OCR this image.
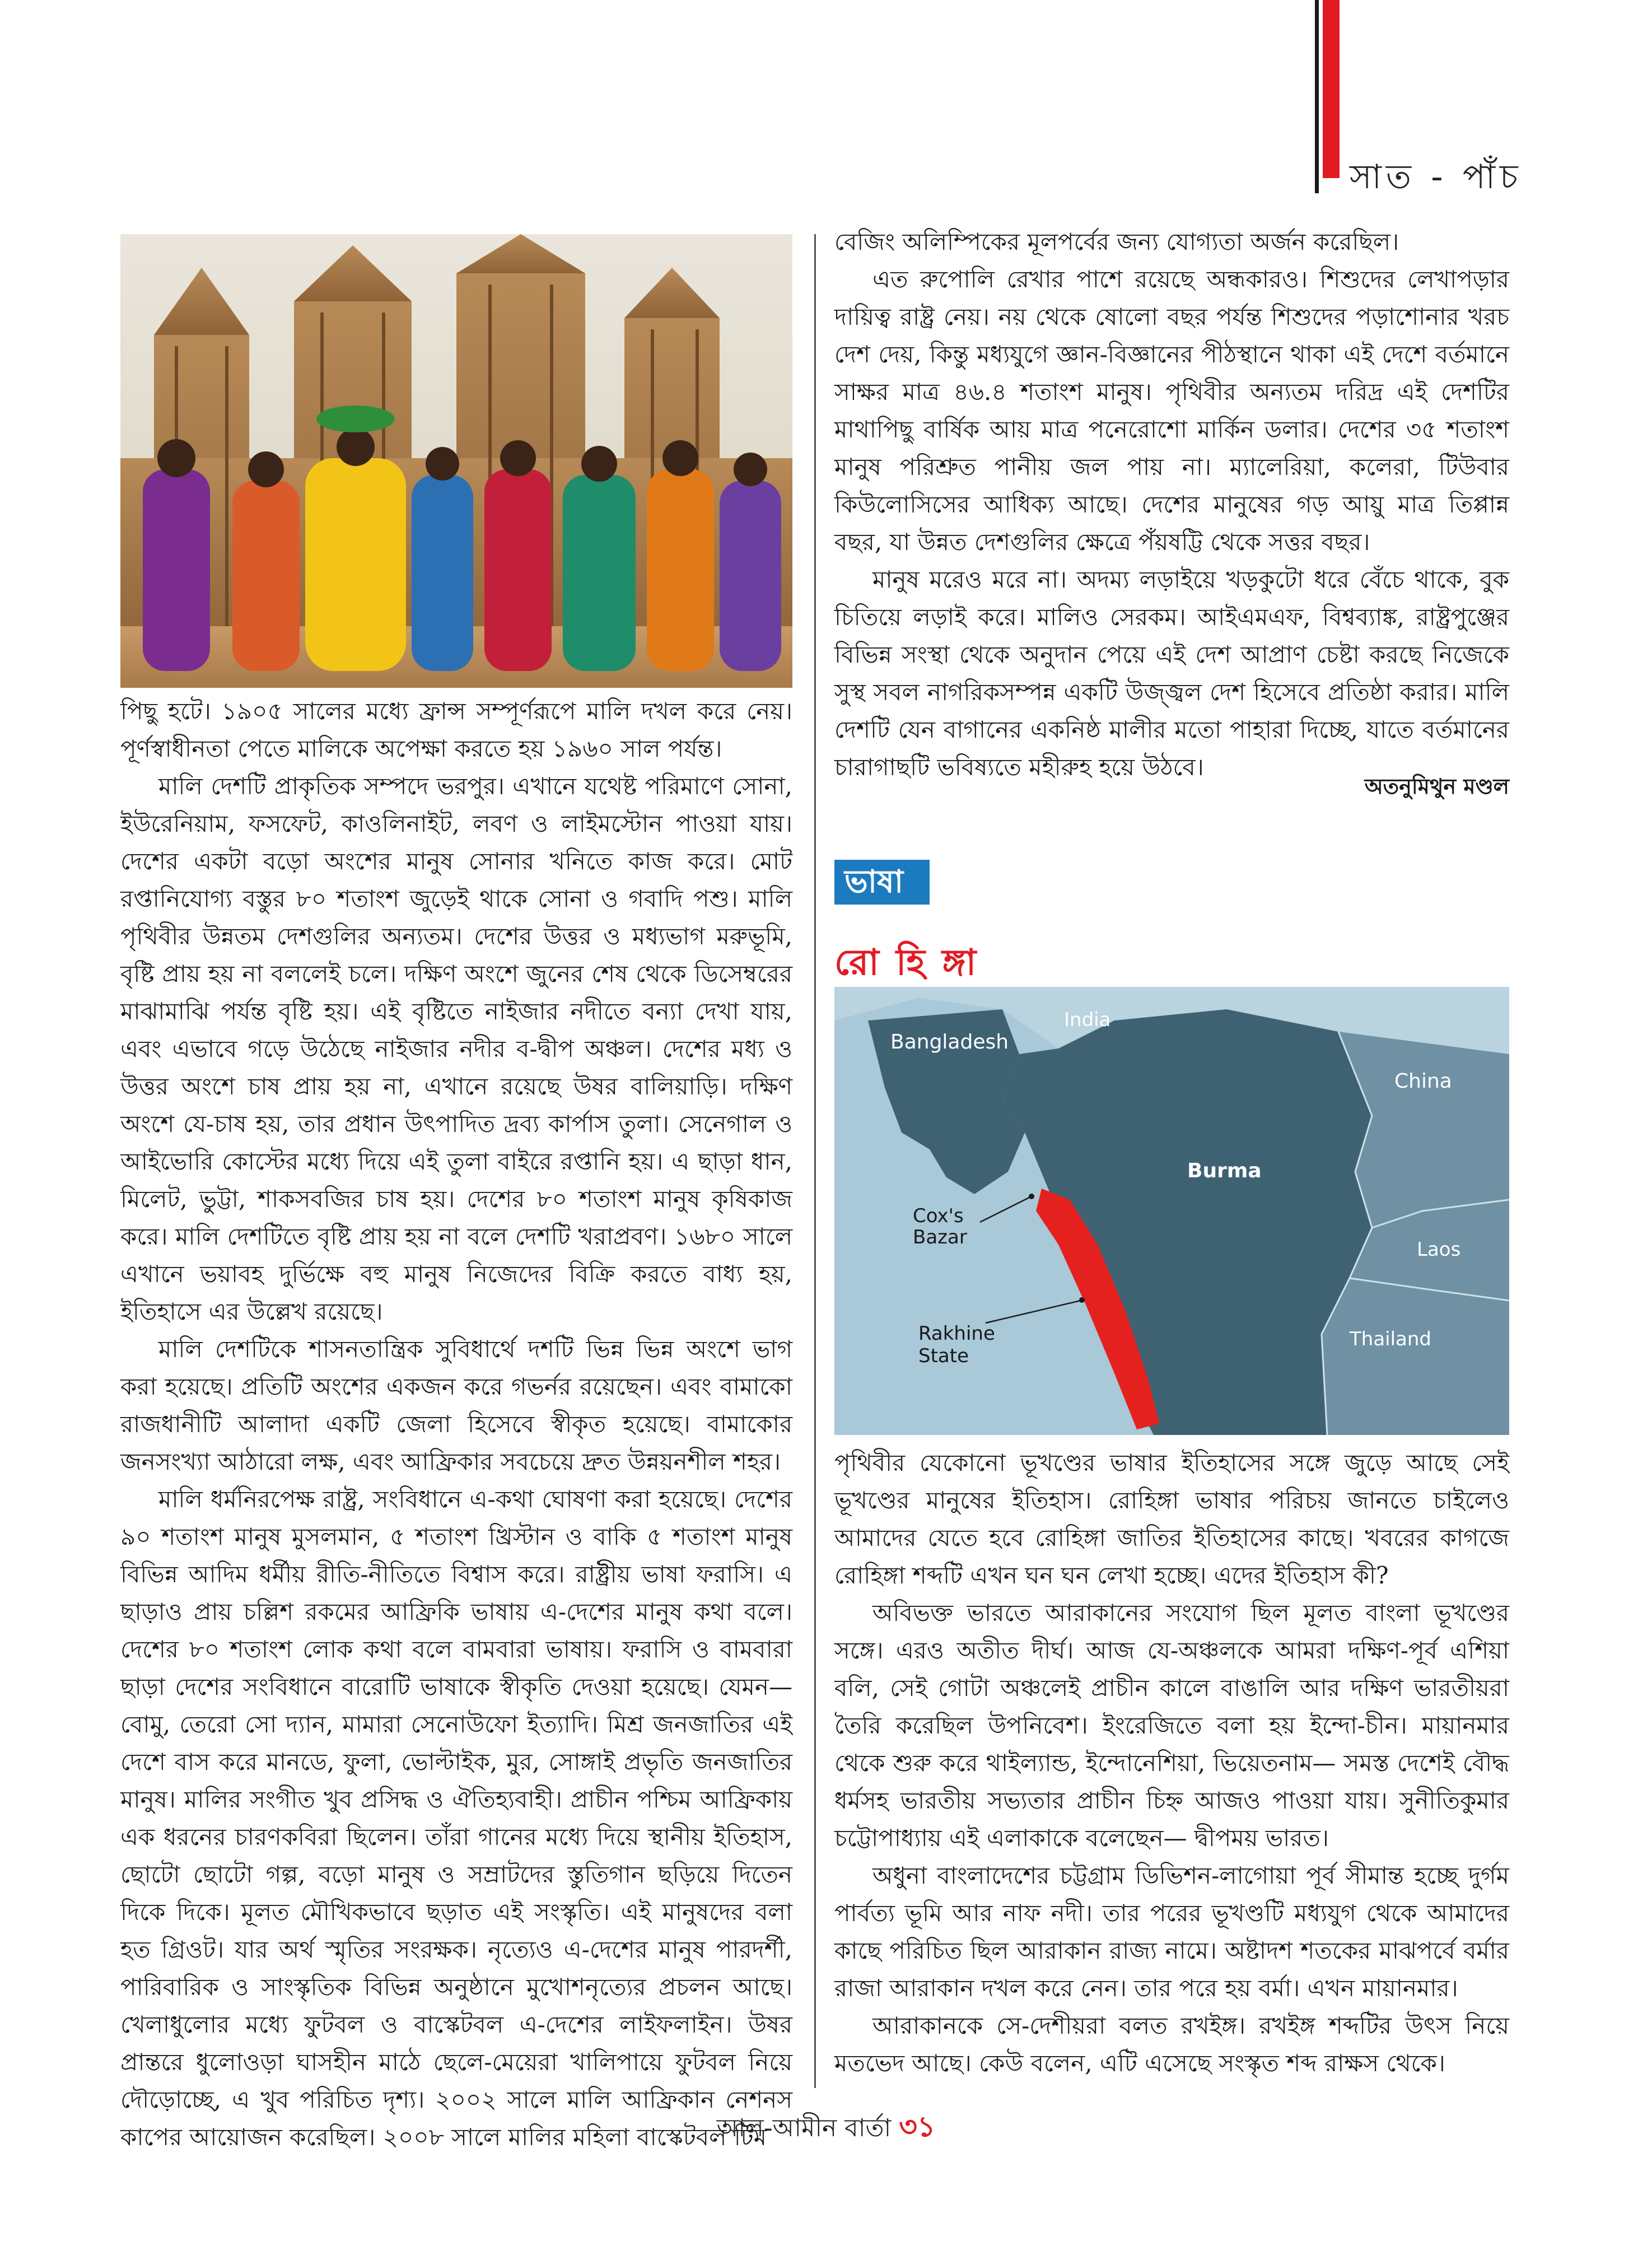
সাত - পাঁচ

পিছু হটে। ১৯০৫ সালের মধ্যে ফ্রান্স সম্পূর্ণরূপে মালি দখল করে নেয়। পূর্ণস্বাধীনতা পেতে মালিকে অপেক্ষা করতে হয় ১৯৬০ সাল পর্যন্ত।

মালি দেশটি প্রাকৃতিক সম্পদে ভরপুর। এখানে যথেষ্ট পরিমাণে সোনা, ইউরেনিয়াম, ফসফেট, কাওলিনাইট, লবণ ও লাইমস্টোন পাওয়া যায়। দেশের একটা বড়ো অংশের মানুষ সোনার খনিতে কাজ করে। মোট রপ্তানিযোগ্য বস্তুর ৮০ শতাংশ জুড়েই থাকে সোনা ও গবাদি পশু। মালি পৃথিবীর উন্নতম দেশগুলির অন্যতম। দেশের উত্তর ও মধ্যভাগ মরুভূমি, বৃষ্টি প্রায় হয় না বললেই চলে। দক্ষিণ অংশে জুনের শেষ থেকে ডিসেম্বরের মাঝামাঝি পর্যন্ত বৃষ্টি হয়। এই বৃষ্টিতে নাইজার নদীতে বন্যা দেখা যায়, এবং এভাবে গড়ে উঠেছে নাইজার নদীর ব-দ্বীপ অঞ্চল। দেশের মধ্য ও উত্তর অংশে চাষ প্রায় হয় না, এখানে রয়েছে উষর বালিয়াড়ি। দক্ষিণ অংশে যে-চাষ হয়, তার প্রধান উৎপাদিত দ্রব্য কার্পাস তুলা। সেনেগাল ও আইভোরি কোস্টের মধ্যে দিয়ে এই তুলা বাইরে রপ্তানি হয়। এ ছাড়া ধান, মিলেট, ভুট্টা, শাকসবজির চাষ হয়। দেশের ৮০ শতাংশ মানুষ কৃষিকাজ করে। মালি দেশটিতে বৃষ্টি প্রায় হয় না বলে দেশটি খরাপ্রবণ। ১৬৮০ সালে এখানে ভয়াবহ দুর্ভিক্ষে বহু মানুষ নিজেদের বিক্রি করতে বাধ্য হয়, ইতিহাসে এর উল্লেখ রয়েছে।

মালি দেশটিকে শাসনতান্ত্রিক সুবিধার্থে দশটি ভিন্ন ভিন্ন অংশে ভাগ করা হয়েছে। প্রতিটি অংশের একজন করে গভর্নর রয়েছেন। এবং বামাকো রাজধানীটি আলাদা একটি জেলা হিসেবে স্বীকৃত হয়েছে। বামাকোর জনসংখ্যা আঠারো লক্ষ, এবং আফ্রিকার সবচেয়ে দ্রুত উন্নয়নশীল শহর।

মালি ধর্মনিরপেক্ষ রাষ্ট্র, সংবিধানে এ-কথা ঘোষণা করা হয়েছে। দেশের ৯০ শতাংশ মানুষ মুসলমান, ৫ শতাংশ খ্রিস্টান ও বাকি ৫ শতাংশ মানুষ বিভিন্ন আদিম ধর্মীয় রীতি-নীতিতে বিশ্বাস করে। রাষ্ট্রীয় ভাষা ফরাসি। এ ছাড়াও প্রায় চল্লিশ রকমের আফ্রিকি ভাষায় এ-দেশের মানুষ কথা বলে। দেশের ৮০ শতাংশ লোক কথা বলে বামবারা ভাষায়। ফরাসি ও বামবারা ছাড়া দেশের সংবিধানে বারোটি ভাষাকে স্বীকৃতি দেওয়া হয়েছে। যেমন— বোমু, তেরো সো দ্যান, মামারা সেনোউফো ইত্যাদি। মিশ্র জনজাতির এই দেশে বাস করে মানডে, ফুলা, ভোল্টাইক, মুর, সোঙ্গাই প্রভৃতি জনজাতির মানুষ। মালির সংগীত খুব প্রসিদ্ধ ও ঐতিহ্যবাহী। প্রাচীন পশ্চিম আফ্রিকায় এক ধরনের চারণকবিরা ছিলেন। তাঁরা গানের মধ্যে দিয়ে স্থানীয় ইতিহাস, ছোটো ছোটো গল্প, বড়ো মানুষ ও সম্রাটদের স্তুতিগান ছড়িয়ে দিতেন দিকে দিকে। মূলত মৌখিকভাবে ছড়াত এই সংস্কৃতি। এই মানুষদের বলা হত গ্রিওট। যার অর্থ স্মৃতির সংরক্ষক। নৃত্যেও এ-দেশের মানুষ পারদর্শী, পারিবারিক ও সাংস্কৃতিক বিভিন্ন অনুষ্ঠানে মুখোশনৃত্যের প্রচলন আছে। খেলাধুলোর মধ্যে ফুটবল ও বাস্কেটবল এ-দেশের লাইফলাইন। উষর প্রান্তরে ধুলোওড়া ঘাসহীন মাঠে ছেলে-মেয়েরা খালিপায়ে ফুটবল নিয়ে দৌড়োচ্ছে, এ খুব পরিচিত দৃশ্য। ২০০২ সালে মালি আফ্রিকান নেশনস কাপের আয়োজন করেছিল। ২০০৮ সালে মালির মহিলা বাস্কেটবল টিম

বেজিং অলিম্পিকের মূলপর্বের জন্য যোগ্যতা অর্জন করেছিল।

এত রুপোলি রেখার পাশে রয়েছে অন্ধকারও। শিশুদের লেখাপড়ার দায়িত্ব রাষ্ট্র নেয়। নয় থেকে ষোলো বছর পর্যন্ত শিশুদের পড়াশোনার খরচ দেশ দেয়, কিন্তু মধ্যযুগে জ্ঞান-বিজ্ঞানের পীঠস্থানে থাকা এই দেশে বর্তমানে সাক্ষর মাত্র ৪৬.৪ শতাংশ মানুষ। পৃথিবীর অন্যতম দরিদ্র এই দেশটির মাথাপিছু বার্ষিক আয় মাত্র পনেরোশো মার্কিন ডলার। দেশের ৩৫ শতাংশ মানুষ পরিশ্রুত পানীয় জল পায় না। ম্যালেরিয়া, কলেরা, টিউবার কিউলোসিসের আধিক্য আছে। দেশের মানুষের গড় আয়ু মাত্র তিপ্পান্ন বছর, যা উন্নত দেশগুলির ক্ষেত্রে পঁয়ষট্টি থেকে সত্তর বছর।

মানুষ মরেও মরে না। অদম্য লড়াইয়ে খড়কুটো ধরে বেঁচে থাকে, বুক চিতিয়ে লড়াই করে। মালিও সেরকম। আইএমএফ, বিশ্বব্যাঙ্ক, রাষ্ট্রপুঞ্জের বিভিন্ন সংস্থা থেকে অনুদান পেয়ে এই দেশ আপ্রাণ চেষ্টা করছে নিজেকে সুস্থ সবল নাগরিকসম্পন্ন একটি উজ্জ্বল দেশ হিসেবে প্রতিষ্ঠা করার। মালি দেশটি যেন বাগানের একনিষ্ঠ মালীর মতো পাহারা দিচ্ছে, যাতে বর্তমানের চারাগাছটি ভবিষ্যতে মহীরুহ হয়ে উঠবে।

অতনুমিথুন মণ্ডল
ভাষা
রো হি ঙ্গা
Bangladesh
India
China
Burma
Laos
Thailand
Cox's
Bazar
Rakhine
State

পৃথিবীর যেকোনো ভূখণ্ডের ভাষার ইতিহাসের সঙ্গে জুড়ে আছে সেই ভূখণ্ডের মানুষের ইতিহাস। রোহিঙ্গা ভাষার পরিচয় জানতে চাইলেও আমাদের যেতে হবে রোহিঙ্গা জাতির ইতিহাসের কাছে। খবরের কাগজে রোহিঙ্গা শব্দটি এখন ঘন ঘন লেখা হচ্ছে। এদের ইতিহাস কী?

অবিভক্ত ভারতে আরাকানের সংযোগ ছিল মূলত বাংলা ভূখণ্ডের সঙ্গে। এরও অতীত দীর্ঘ। আজ যে-অঞ্চলকে আমরা দক্ষিণ-পূর্ব এশিয়া বলি, সেই গোটা অঞ্চলেই প্রাচীন কালে বাঙালি আর দক্ষিণ ভারতীয়রা তৈরি করেছিল উপনিবেশ। ইংরেজিতে বলা হয় ইন্দো-চীন। মায়ানমার থেকে শুরু করে থাইল্যান্ড, ইন্দোনেশিয়া, ভিয়েতনাম— সমস্ত দেশেই বৌদ্ধ ধর্মসহ ভারতীয় সভ্যতার প্রাচীন চিহ্ন আজও পাওয়া যায়। সুনীতিকুমার চট্টোপাধ্যায় এই এলাকাকে বলেছেন— দ্বীপময় ভারত।

অধুনা বাংলাদেশের চট্টগ্রাম ডিভিশন-লাগোয়া পূর্ব সীমান্ত হচ্ছে দুর্গম পার্বত্য ভূমি আর নাফ নদী। তার পরের ভূখণ্ডটি মধ্যযুগ থেকে আমাদের কাছে পরিচিত ছিল আরাকান রাজ্য নামে। অষ্টাদশ শতকের মাঝপর্বে বর্মার রাজা আরাকান দখল করে নেন। তার পরে হয় বর্মা। এখন মায়ানমার।

আরাকানকে সে-দেশীয়রা বলত রখইঙ্গ। রখইঙ্গ শব্দটির উৎস নিয়ে মতভেদ আছে। কেউ বলেন, এটি এসেছে সংস্কৃত শব্দ রাক্ষস থেকে।

আল-আমীন বার্তা ৩১
